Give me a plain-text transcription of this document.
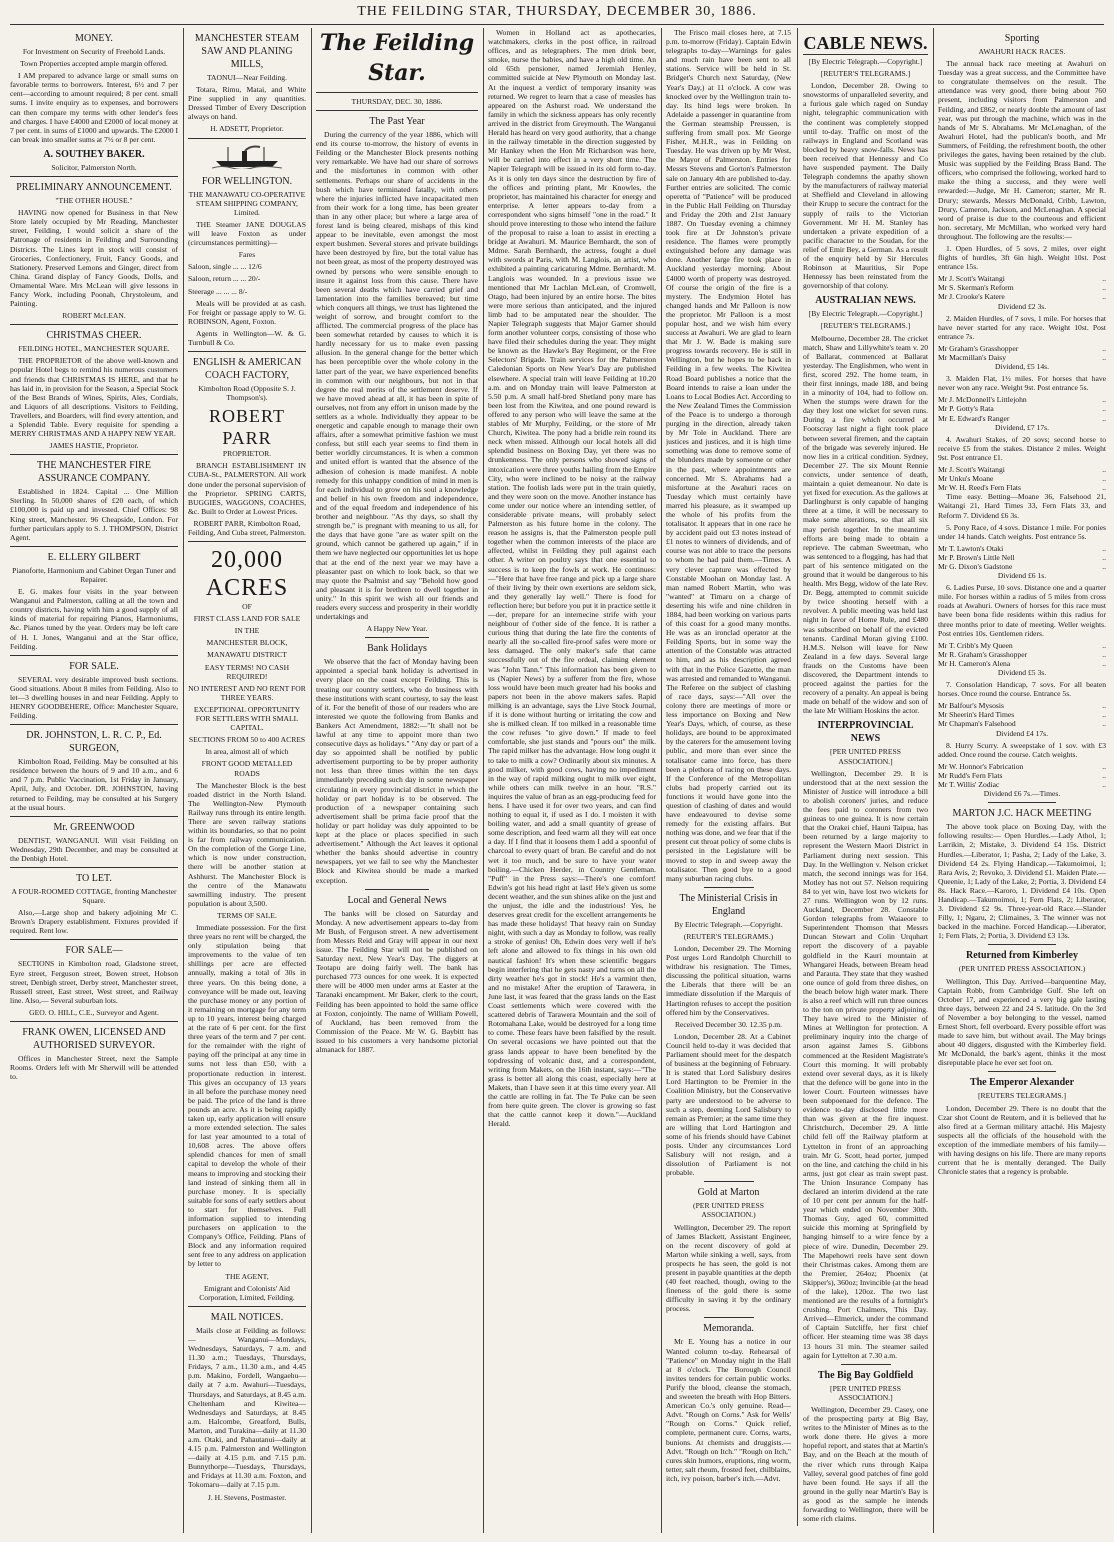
THE FEILDING STAR, THURSDAY, DECEMBER 30, 1886.
MONEY.

For Investment on Security of Freehold Lands.

Town Properties accepted ample margin offered.

I AM prepared to advance large or small sums on favorable terms to borrowers. Interest, 6½ and 7 per cent—according to amount required; 8 per cent. small sums. I invite enquiry as to expenses, and borrowers can then compare my terms with other lender's fees and charges. I have £4000 and £2000 of local money at 7 per cent. in sums of £1000 and upwards. The £2000 I can break into smaller sums at 7½ or 8 per cent.

A. SOUTHEY BAKER.

Solicitor, Palmerston North.

PRELIMINARY ANNOUNCEMENT.

"THE OTHER HOUSE."

HAVING now opened for Business in that New Store lately occupied by Mr Reading, Manchester street, Feilding, I would solicit a share of the Patronage of residents in Feilding and Surrounding Districts. The Lines kept in stock will consist of Groceries, Confectionery, Fruit, Fancy Goods, and Stationery. Preserved Lemons and Ginger, direct from China. Grand display of Fancy Goods, Dolls, and Ornamental Ware. Mrs McLean will give lessons in Fancy Work, including Poonah, Chrystoleum, and Painting.

ROBERT McLEAN.

CHRISTMAS CHEER.

FEILDING HOTEL, MANCHESTER SQUARE.

THE PROPRIETOR of the above well-known and popular Hotel begs to remind his numerous customers and friends that CHRISTMAS IS HERE, and that he has laid in, in provision for the Season, a Special Stock of the Best Brands of Wines, Spirits, Ales, Cordials, and Liquors of all descriptions. Visitors to Feilding, Travellers, and Boarders, will find every attention, and a Splendid Table. Every requisite for spending a MERRY CHRISTMAS AND A HAPPY NEW YEAR.

JAMES HASTIE, Proprietor.

THE MANCHESTER FIRE ASSURANCE COMPANY.

Established in 1824. Capital ... One Million Sterling. In 50,000 shares of £20 each, of which £100,000 is paid up and invested. Chief Offices: 98 King street, Manchester. 96 Cheapside, London. For further particulars apply to S. J. THOMPSON, District Agent.

E. ELLERY GILBERT

Pianoforte, Harmonium and Cabinet Organ Tuner and Repairer.

E. G. makes four visits in the year between Wanganui and Palmerston, calling at all the town and country districts, having with him a good supply of all kinds of material for repairing Pianos, Harmoniums, &c. Pianos tuned by the year. Orders may be left care of H. I. Jones, Wanganui and at the Star office, Feilding.

FOR SALE.

SEVERAL very desirable improved bush sections. Good situations. About 8 miles from Feilding. Also to let—3 dwelling houses in and near Feilding. Apply to HENRY GOODBEHERE, Office: Manchester Square, Feilding.

DR. JOHNSTON, L. R. C. P., Ed. SURGEON,

Kimbolton Road, Feilding. May be consulted at his residence between the hours of 9 and 10 a.m., and 6 and 7 p.m. Public Vaccination, 1st Friday in January, April, July, and October. DR. JOHNSTON, having returned to Feilding, may be consulted at his Surgery at the usual hours.

Mr. GREENWOOD

DENTIST, WANGANUI. Will visit Feilding on Wednesday, 29th December, and may be consulted at the Denbigh Hotel.

TO LET.

A FOUR-ROOMED COTTAGE, fronting Manchester Square.

Also,—Large shop and bakery adjoining Mr C. Brown's Drapery establishment. Fixtures provided if required. Rent low.

FOR SALE—

SECTIONS in Kimbolton road, Gladstone street, Eyre street, Ferguson street, Bowen street, Hobson street, Denbigh street, Derby street, Manchester street, Russell street, East street, West street, and Railway line. Also,— Several suburban lots.

GEO. O. HILL, C.E., Surveyor and Agent.

FRANK OWEN, LICENSED AND AUTHORISED SURVEYOR.

Offices in Manchester Street, next the Sample Rooms. Orders left with Mr Sherwill will be attended to.

MANCHESTER STEAM SAW AND PLANING MILLS,

TAONUI—Near Feilding.

Totara, Rimu, Matai, and White Pine supplied in any quantities. Dressed Timber of Every Description always on hand.

H. ADSETT, Proprietor.

FOR WELLINGTON.

THE MANAWATU CO-OPERATIVE STEAM SHIPPING COMPANY, Limited.

THE Steamer JANE DOUGLAS will leave Foxton as under (circumstances permitting)—

Fares

Saloon, single ... ... 12/6

Saloon, return ... ... 20/-

Steerage ... ... ... 8/-

Meals will be provided at as cash. For freight or passage apply to W. G. ROBINSON, Agent, Foxton.

Agents in Wellington—W. & G. Turnbull & Co.

ENGLISH & AMERICAN COACH FACTORY,

Kimbolton Road (Opposite S. J. Thompson's).

ROBERT PARR

PROPRIETOR.

BRANCH ESTABLISHMENT IN CUBA-St., PALMERSTON. All work done under the personal supervision of the Proprietor. SPRING CARTS, BUGGIES, WAGGONS, COACHES, &c. Built to Order at Lowest Prices.

ROBERT PARR, Kimbolton Road, Feilding, And Cuba street, Palmerston.

20,000 ACRES

OF

FIRST CLASS LAND FOR SALE

IN THE

MANCHESTER BLOCK,

MANAWATU DISTRICT

EASY TERMS! NO CASH REQUIRED!

NO INTEREST AND NO RENT FOR THREE YEARS.

EXCEPTIONAL OPPORTUNITY FOR SETTLERS WITH SMALL CAPITAL.

SECTIONS FROM 50 to 400 ACRES

In area, almost all of which

FRONT GOOD METALLED ROADS

The Manchester Block is the best roaded district in the North Island. The Wellington-New Plymouth Railway runs through its entire length. There are seven railway stations within its boundaries, so that no point is far from railway communication. On the completion of the Gorge Line, which is now under construction, there will be another station at Ashhurst. The Manchester Block is the centre of the Manawatu sawmilling industry. The present population is about 3,500.

TERMS OF SALE.

Immediate possession. For the first three years no rent will be charged, the only stipulation being that improvements to the value of ten shillings per acre are effected annually, making a total of 30s in three years. On this being done, a conveyance will be made out, leaving the purchase money or any portion of it remaining on mortgage for any term up to 10 years, interest being charged at the rate of 6 per cent. for the first three years of the term and 7 per cent. for the remainder with the right of paying off the principal at any time in sums not less than £50, with a proportionate reduction in interest. This gives an occupancy of 13 years in all before the purchase money need be paid. The price of the land is three pounds an acre. As it is being rapidly taken up, early application will ensure a more extended selection. The sales for last year amounted to a total of 10,608 acres. The above offers splendid chances for men of small capital to develop the whole of their means to improving and stocking their land instead of sinking them all in purchase money. It is specially suitable for sons of early settlers about to start for themselves. Full information supplied to intending purchasers on application to the Company's Office, Feilding. Plans of Block and any information required sent free to any address on application by letter to

THE AGENT,

Emigrant and Colonists' Aid Corporation, Limited, Feilding.

MAIL NOTICES.

Mails close at Feilding as follows:— Wanganui—Mondays, Wednesdays, Saturdays, 7 a.m. and 11.30 a.m.; Tuesdays, Thursdays, Fridays, 7 a.m., 11.30 a.m., and 4.45 p.m. Makino, Fordell, Wangaehu—daily at 7 a.m. Awahuri—Tuesdays, Thursdays, and Saturdays, at 8.45 a.m. Cheltenham and Kiwitea—Wednesdays and Saturdays, at 8.45 a.m. Halcombe, Greatford, Bulls, Marton, and Turakina—daily at 11.30 a.m. Otaki, and Pahautanui—daily at 4.15 p.m. Palmerston and Wellington—daily at 4.15 p.m. and 7.15 p.m. Bunnythorpe—Tuesdays, Thursdays, and Fridays at 11.30 a.m. Foxton, and Tokomaru—daily at 7.15 p.m.

J. H. Stevens, Postmaster.

The Feilding Star.

THURSDAY, DEC. 30, 1886.

The Past Year

During the currency of the year 1886, which will end its course to-morrow, the history of events in Feilding or the Manchester Block presents nothing very remarkable. We have had our share of sorrows and the misfortunes in common with other settlements. Perhaps our share of accidents in the bush which have terminated fatally, with others where the injuries inflicted have incapacitated men from their work for a long time, has been greater than in any other place; but where a large area of forest land is being cleared, mishaps of this kind appear to be inevitable, even amongst the most expert bushmen. Several stores and private buildings have been destroyed by fire, but the total value has not been great, as most of the property destroyed was owned by persons who were sensible enough to insure it against loss from this cause. There have been several deaths which have carried grief and lamentation into the families bereaved; but time which conquers all things, we trust has lightened the weight of sorrow, and brought comfort to the afflicted. The commercial progress of the place has been somewhat retarded by causes to which it is hardly necessary for us to make even passing allusion. In the general change for the better which has been perceptible over the whole colony in the latter part of the year, we have experienced benefits in common with our neighbours, but not in that degree the real merits of the settlement deserve. If we have moved ahead at all, it has been in spite of ourselves, not from any effort in unison made by the settlers as a whole. Individually they appear to be energetic and capable enough to manage their own affairs, after a somewhat primitive fashion we must confess, but still each year seems to find them in better worldly circumstances. It is when a common and united effort is wanted that the absence of the adhesion of cohesion is made manifest. A noble remedy for this unhappy condition of mind in men is for each individual to grow on his soul a knowledge and belief in his own freedom and independence, and of the equal freedom and independence of his brother and neighbour. "As thy days, so shall thy strength be," is pregnant with meaning to us all, for the days that have gone "are as water spilt on the ground, which cannot be gathered up again," if in them we have neglected our opportunities let us hope that at the end of the next year we may have a pleasanter past on which to look back, so that we may quote the Psalmist and say "Behold how good and pleasant it is for brethren to dwell together in unity." In this spirit we wish all our friends and readers every success and prosperity in their worldly undertakings and

A Happy New Year.

Bank Holidays

We observe that the fact of Monday having been appointed a special bank holiday is advertised in every place on the coast except Feilding. This is treating our country settlers, who do business with these institutions with scant courtesy, to say the least of it. For the benefit of those of our readers who are interested we quote the following from Banks and Bankers Act Amendment, 1882:—"It shall not be lawful at any time to appoint more than two consecutive days as holidays." "Any day or part of a day so appointed shall be notified by public advertisement purporting to be by proper authority not less than three times within the ten days immediately preceding such day in some newspaper circulating in every provincial district in which the holiday or part holiday is to be observed. The production of a newspaper containing such advertisement shall be prima facie proof that the holiday or part holiday was duly appointed to be kept at the place or places specified in such advertisement." Although the Act leaves it optional whether the banks should advertise in country newspapers, yet we fail to see why the Manchester Block and Kiwitea should be made a marked exception.

Local and General News

The banks will be closed on Saturday and Monday. A new advertisement appears to-day from Mr Bush, of Ferguson street. A new advertisement from Messrs Reid and Gray will appear in our next issue. The Feilding Star will not be published on Saturday next, New Year's Day. The diggers at Teotapu are doing fairly well. The bank has purchased 773 ounces for one week. It is expected there will be 4000 men under arms at Easter at the Taranaki encampment. Mr Baker, clerk to the court, Feilding has been appointed to hold the same office at Foxton, conjointly. The name of William Powell, of Auckland, has been removed from the Commission of the Peace. Mr W. G. Baybitt has issued to his customers a very handsome pictorial almanack for 1887.

Women in Holland act as apothecaries, watchmakers, clerks in the post office, in railroad offices, and as telegraphers. The men drink beer, smoke, nurse the babies, and have a high old time. An old 65th pensioner, named Jeremiah Henley, committed suicide at New Plymouth on Monday last. At the inquest a verdict of temporary insanity was returned. We regret to learn that a case of measles has appeared on the Ashurst road. We understand the family in which the sickness appears has only recently arrived in the district from Greymouth. The Wanganui Herald has heard on very good authority, that a change in the railway timetable in the direction suggested by Mr Hankey when the Hon Mr Richardson was here, will be carried into effect in a very short time. The Napier Telegraph will be issued in its old form to-day. As it is only ten days since the destruction by fire of the offices and printing plant, Mr Knowles, the proprietor, has maintained his character for energy and enterprise. A letter appears to-day from a correspondent who signs himself "one in the road." It should prove interesting to those who intend the failure of the proposal to raise a loan to assist in erecting a bridge at Awahuri. M. Maurice Bernhardt, the son of Mdme. Sarah Bernhardt, the actress, fought a duel with swords at Paris, with M. Langlois, an artist, who exhibited a painting caricaturing Mdme. Bernhardt. M. Langlois was wounded. In a previous issue we mentioned that Mr Lachlan McLean, of Cromwell, Otago, had been injured by an entire horse. The bites were more serious than anticipated, and the injured limb had to be amputated near the shoulder. The Napier Telegraph suggests that Major Garner should form another volunteer corps, consisting of those who have filed their schedules during the year. They might be known as the Hawke's Bay Regiment, or the Free Selectors' Brigade. Train services for the Palmerston Caledonian Sports on New Year's Day are published elsewhere. A special train will leave Feilding at 10.20 a.m. and on Monday train will leave Palmerston at 5.50 p.m. A small half-bred Shetland pony mare has been lost from the Kiwitea, and one pound reward is offered to any person who will leave the same at the stables of Mr Murphy, Feilding, or the store of Mr Church, Kiwitea. The pony had a bridle rein round its neck when missed. Although our local hotels all did splendid business on Boxing Day, yet there was no drunkenness. The only persons who showed signs of intoxication were three youths hailing from the Empire City, who were inclined to be noisy at the railway station. The foolish lads were put in the train quietly, and they were soon on the move. Another instance has come under our notice where an intending settler, of considerable private means, will probably select Palmerston as his future home in the colony. The reason he assigns is, that the Palmerston people pull together when the common interests of the place are affected, whilst in Feilding they pull against each other. A writer on poultry says that one essential to success is to keep the fowls at work. He continues:—"Here that have free range and pick up a large share of their living by their own exertions are seldom sick, and they generally lay well." There is food for reflection here; but before you put it in practice settle it—der, prepare for an internecine strife with your neighbour of t'other side of the fence. It is rather a curious thing that during the late fire the contents of nearly all the so-called fire-proof safes were more or less damaged. The only maker's safe that came successfully out of the fire ordeal, claiming element was "John Tann." This information has been given to us (Napier News) by a sufferer from the fire, whose loss would have been much greater had his books and papers not been in the above makers safes. Rapid milking is an advantage, says the Live Stock Journal, if it is done without hurting or irritating the cow and she is milked clean. If too milked in a reasonable time the cow refuses "to give down." If made to feel comfortable, she just stands and "pours out" the milk. The rapid milker has the advantage. How long ought it to take to milk a cow? Ordinarily about six minutes. A good milker, with good cows, having no impediment in the way of rapid milking ought to milk over eight, while others can milk twelve in an hour. "R.S." inquires the value of bran as an egg-producing feed for hens. I have used it for over two years, and can find nothing to equal it, if used as I do. I moisten it with boiling water, and add a small quantity of grease of some description, and feed warm all they will eat once a day. If I find that it loosens them I add a spoonful of charcoal to every quart of bran. Be careful and do not wet it too much, and be sure to have your water boiling.—Chicken Herder, in Country Gentleman. "Puff" in the Press says:—There's one comfort! Edwin's got his head right at last! He's given us some decent weather, and the sun shines alike on the just and the unjust, the idle and the industrious! Yes, he deserves great credit for the excellent arrangements he has made these holidays! That heavy rain on Sunday night, with such a day as Monday to follow, was really a stroke of genius! Oh, Edwin does very well if he's left alone and allowed to fix things in his own old nautical fashion! It's when these scientific beggars begin interfering that he gets nasty and turns on all the dirty weather he's got in stock! He's a varmint then, and no mistake! After the eruption of Tarawera, in June last, it was feared that the grass lands on the East Coast settlements which were covered with the scattered debris of Tarawera Mountain and the soil of Rotomahana Lake, would be destroyed for a long time to come. These fears have been falsified by the result. On several occasions we have pointed out that the grass lands appear to have been benefited by the topdressing of volcanic dust, and a correspondent, writing from Makets, on the 16th instant, says:—"The grass is better all along this coast, especially here at Makets, than I have seen it at this time every year. All the cattle are rolling in fat. The Te Puke can be seen from here quite green. The clover is growing so fast that the cattle cannot keep it down."—Auckland Herald.

The Frisco mail closes here, at 7.15 p.m. to-morrow (Friday). Captain Edwin telegraphs to-day—Warnings for gales and much rain have been sent to all stations. Service will be held in St. Bridget's Church next Saturday, (New Year's Day,) at 11 o'clock. A cow was knocked over by the Wellington train to-day. Its hind legs were broken. In Adelaide a passenger in quarantine from the German steamship Preussen, is suffering from small pox. Mr George Fisher, M.H.R., was in Feilding on Tuesday. He was driven up by Mr West, the Mayor of Palmerston. Entries for Messrs Stevens and Gorton's Palmerston sale on January 4th are published to-day. Further entries are solicited. The comic operetta of "Patience" will be produced in the Public Hall Feilding on Thursday and Friday the 20th and 21st January 1887. On Tuesday evening a chimney took fire at Dr Johnston's private residence. The flames were promptly extinguished before any damage was done. Another large fire took place in Auckland yesterday morning. About £4000 worth of property was destroyed. Of course the origin of the fire is a mystery. The Endymion Hotel has changed hands and Mr Palloon is now the proprietor. Mr Palloon is a most popular host, and we wish him every success at Awahuri. We are glad to learn that Mr J. W. Bade is making sure progress towards recovery. He is still in Wellington, but he hopes to be back in Feilding in a few weeks. The Kiwitea Road Board publishes a notice that the Board intends to raise a loan under the Loans to Local Bodies Act. According to the New Zealand Times the Commission of the Peace is to undergo a thorough purging in the direction, already taken by Mr Tole in Auckland. There are justices and justices, and it is high time something was done to remove some of the blunders made by someone or other in the past, where appointments are concerned. Mr S. Abrahams had a misfortune at the Awahuri races on Tuesday which must certainly have marred his pleasure, as it swamped up the whole of his profits from the totalisator. It appears that in one race he by accident paid out £3 notes instead of £1 notes to winners of dividends, and of course was not able to trace the persons to whom he had paid them.—Times. A very clever capture was effected by Constable Moohan on Monday last. A man named Robert Martin, who was "wanted" at Timaru on a charge of deserting his wife and nine children in 1884, had been working on various parts of this coast for a good many months. He was as an ironclad operator at the Feilding Sports, but in some way the attention of the Constable was attracted to him, and as his description agreed with that in the Police Gazette, the man was arrested and remanded to Wanganui. The Referee on the subject of clashing of race days, says:—"All over the colony there are meetings of more or less importance on Boxing and New Year's Days, which, of course, as these holidays, are bound to be approximated by the caterers for the amusement loving public, and more than ever since the totalisator came into force, has there been a plethora of racing on these days. If the Conference of the Metropolitan clubs had properly carried out its functions it would have gone into the question of clashing of dates and would have endeavoured to devise some remedy for the existing affairs. But nothing was done, and we fear that if the present cut throat policy of some clubs is persisted in the Legislature will be moved to step in and sweep away the totalisator. Then good bye to a good many suburban racing clubs.

The Ministerial Crisis in England

By Electric Telegraph.—Copyright.

(REUTER'S TELEGRAMS.)

London, December 29. The Morning Post urges Lord Randolph Churchill to withdraw his resignation. The Times, discussing the political situation, warns the Liberals that there will be an immediate dissolution if the Marquis of Hartington refuses to accept the position offered him by the Conservatives.

Received December 30. 12.35 p.m.

London, December 28. At a Cabinet Council held to-day it was decided that Parliament should meet for the despatch of business at the beginning of February. It is stated that Lord Salisbury desires Lord Hartington to be Premier in the Coalition Ministry, but the Conservative party are understood to be adverse to such a step, deeming Lord Salisbury to remain as Premier; at the same time they are willing that Lord Hartington and some of his friends should have Cabinet posts. Under any circumstances Lord Salisbury will not resign, and a dissolution of Parliament is not probable.

Gold at Marton

(PER UNITED PRESS ASSOCIATION.)

Wellington, December 29. The report of James Blackett, Assistant Engineer, on the recent discovery of gold at Marton while sinking a well, says, from prospects he has seen, the gold is not present in payable quantities at the depth (40 feet reached, though, owing to the fineness of the gold there is some difficulty in saving it by the ordinary process.

Memoranda.

Mr E. Young has a notice in our Wanted column to-day. Rehearsal of "Patience" on Monday night in the Hall at 8 o'clock. The Borough Council invites tenders for certain public works. Purify the blood, cleanse the stomach, and sweeten the breath with Hop Bitters. American Co.'s only genuine. Read—Advt. "Rough on Corns." Ask for Wells' "Rough on Corns." Quick relief, complete, permanent cure. Corns, warts, bunions. At chemists and druggists.—Advt. "Rough on Itch." "Rough on Itch," cures skin humors, eruptions, ring worm, tetter, salt rheum, frosted feet, chilblains, itch, ivy poison, barber's itch.—Advt.

CABLE NEWS.

[By Electric Telegraph.—Copyright.]

[REUTER'S TELEGRAMS.]

London, December 28. Owing to snowstorms of unparalleled severity, and a furious gale which raged on Sunday night, telegraphic communication with the continent was completely stopped until to-day. Traffic on most of the railways in England and Scotland was blocked by heavy snow-falls. News has been received that Hennessy and Co have suspended payment. The Daily Telegraph condemns the apathy shown by the manufacturers of railway material at Sheffield and Cleveland in allowing their Krupp to secure the contract for the supply of rails to the Victorian Government. Mr H. M. Stanley has undertaken a private expedition of a pacific character to the Soudan, for the relief of Emir Bey, a German. As a result of the enquiry held by Sir Hercules Robinson at Mauritius, Sir Pope Hennessy has been reinstated from the governorship of that colony.

AUSTRALIAN NEWS.

[By Electric Telegraph.—Copyright.]

[REUTER'S TELEGRAMS.]

Melbourne, December 28. The cricket match, Shaw and Lillywhite's team v. 20 of Ballarat, commenced at Ballarat yesterday. The Englishmen, who went in first, scored 292. The home team, in their first innings, made 188, and being in a minority of 104, had to follow on. When the stumps were drawn for the day they lost one wicket for seven runs. During a fire which occurred at Footscray last night a fight took place between several firemen, and the captain of the brigade was severely injured. He now lies in a critical condition. Sydney, December 27. The six Mount Rennie convicts, under sentence of death, maintain a quiet demeanour. No date is yet fixed for execution. As the gallows at Darlinghurst is only capable of hanging three at a time, it will be necessary to make some alterations, so that all six may perish together. In the meantime efforts are being made to obtain a reprieve. The cabman Sweetman, who was sentenced to a flogging, has had that part of his sentence mitigated on the ground that it would be dangerous to his health. Mrs Begg, widow of the late Rev. Dr. Begg, attempted to commit suicide by twice shooting herself with a revolver. A public meeting was held last night in favor of Home Rule, and £480 was subscribed on behalf of the evicted tenants. Cardinal Moran giving £100. H.M.S. Nelson will leave for New Zealand in a few days. Several large frauds on the Customs have been discovered, the Department intends to proceed against the parties for the recovery of a penalty. An appeal is being made on behalf of the widow and son of the late Mr William Hoskins the actor.

INTERPROVINCIAL NEWS

[PER UNITED PRESS ASSOCIATION.]

Wellington, December 29. It is understood that at the next session the Minister of Justice will introduce a bill to abolish coroners' juries, and reduce the fees paid to coroners from two guineas to one guinea. It is now certain that the Orakei chief, Hauni Taipua, has been returned by a large majority to represent the Western Maori District in Parliament during next session. This Day. In the Wellington v. Nelson cricket match, the second innings was for 164. Motley has not out 57. Nelson requiring 84 to yet win, have lost two wickets for 27 runs. Wellington won by 12 runs. Auckland, December 28. Constable Gordon telegraphs from Waiaeore to Superintendent Thomson that Messrs Duncan Stewart and Colin Urquhart report the discovery of a payable goldfield in the Kauri mountain at Whangarei Heads, between Bream head and Parauta. They state that they washed one ounce of gold from three dishes, on the beach below high water mark. There is also a reef which will run three ounces to the ton on private property adjoining. They have wired to the Minister of Mines at Wellington for protection. A preliminary inquiry into the charge of arson against James S. Gibbons commenced at the Resident Magistrate's Court this morning. It will probably extend over several days, as it is likely that the defence will be gone into in the lower Court. Fourteen witnesses have been subpoenaed for the defence. The evidence to-day disclosed little more than was given at the fire inquest. Christchurch, December 29. A little child fell off the Railway platform at Lyttelton in front of an approaching train. Mr G. Scott, head porter, jumped on the line, and catching the child in his arms, just got clear as train swept past. The Union Insurance Company has declared an interim dividend at the rate of 10 per cent per annum for the half-year which ended on November 30th. Thomas Guy, aged 60, committed suicide this morning at Springfield by hanging himself to a wire fence by a piece of wire. Dunedin, December 29. The Mapehowri reels have sent down their Christmas cakes. Among them are the Premier, 264oz; Phoenix (at Skipper's), 360oz; Invincible (at the head of the lake), 120oz. The two last mentioned are the results of a fortnight's crushing. Port Chalmers, This Day. Arrived—Elmerick, under the command of Captain Sutcliffe, her first chief officer. Her steaming time was 38 days 13 hours 31 min. The steamer sailed again for Lyttelton at 7.30 a.m.

The Big Bay Goldfield

[PER UNITED PRESS ASSOCIATION.]

Wellington, December 29. Casey, one of the prospecting party at Big Bay, writes to the Minister of Mines as to the work done there. He gives a more hopeful report, and states that at Martin's Bay, and on the Beach at the mouth of the river which runs through Kaipa Valley, several good patches of fine gold have been found. He says if all the ground in the gully near Martin's Bay is as good as the sample he intends forwarding to Wellington, there will be some rich claims.

Sporting

AWAHURI HACK RACES.

The annual hack race meeting at Awahuri on Tuesday was a great success, and the Committee have to congratulate themselves on the result. The attendance was very good, there being about 760 present, including visitors from Palmerston and Feilding, and £862, or nearly double the amount of last year, was put through the machine, which was in the hands of Mr S. Abrahams. Mr McLenaghan, of the Awahuri Hotel, had the publican's booth, and Mr Summers, of Feilding, the refreshment booth, the other privileges the gates, having been retained by the club. Music was supplied by the Feilding Brass Band. The officers, who comprised the following, worked hard to make the thing a success, and they were well rewarded:—Judge, Mr H. Cameron; starter, Mr R. Drury; stewards, Messrs McDonald, Cribb, Lawton, Drury, Cameron, Jackson, and McLenaghan. A special word of praise is due to the courteous and efficient hon. secretary, Mr McMillan, who worked very hard throughout. The following are the results:—

1. Open Hurdles, of 5 sovs, 2 miles, over eight flights of hurdles, 3ft 6in high. Weight 10st. Post entrance 15s.

Mr J. Scott's Waitangi	..
Mr S. Skerman's Reform	..
Mr J. Crooke's Katere	..

Dividend £2 3s.

2. Maiden Hurdles, of 7 sovs, 1 mile. For horses that have never started for any race. Weight 10st. Post entrance 7s.

Mr Graham's Grasshopper	..
Mr Macmillan's Daisy	..

Dividend, £5 14s.

3. Maiden Flat, 1½ miles. For horses that have never won any race. Weight 9st. Post entrance 5s.

Mr J. McDonnell's Littlejohn	..
Mr P. Gotty's Rata	..
Mr E. Edward's Ranger	..

Dividend, £7 17s.

4. Awahuri Stakes, of 20 sovs; second horse to receive £5 from the stakes. Distance 2 miles. Weight 9st. Post entrance £1.

Mr J. Scott's Waitangi	..
Mr Unku's Moane	..
Mr W. H. Reed's Fern Flats	..

Time easy. Betting—Moane 36, Falsehood 21, Waitangi 21, Hard Times 33, Fern Flats 33, and Reform 7. Dividend £6 3s.

5. Pony Race, of 4 sovs. Distance 1 mile. For ponies under 14 hands. Catch weights. Post entrance 5s.

Mr T. Lawton's Otaki	..
Mr P. Brown's Little Nell	..
Mr G. Dixon's Gadstone	..

Dividend £6 1s.

6. Ladies Purse, 10 sovs. Distance one and a quarter mile. For horses within a radius of 5 miles from cross roads at Awahuri. Owners of horses for this race must have been bona fide residents within this radius for three months prior to date of meeting. Weller weights. Post entries 10s. Gentlemen riders.

Mr T. Cribb's My Queen	..
Mr R. Graham's Grasshopper	..
Mr H. Cameron's Alena	..

Dividend £5 3s.

7. Consolation Handicap, 7 sovs. For all beaten horses. Once round the course. Entrance 5s.

Mr Balfour's Mysosis	..
Mr Sheerin's Hard Times	..
Mr Chapman's Falsehood	..

Dividend £4 17s.

8. Hurry Scurry. A sweepstake of 1 sov. with £3 added. Once round the course. Catch weights.

Mr W. Honnor's Fabrication	..
Mr Rudd's Fern Flats	..
Mr T. Willis' Zodiac	..

Dividend £6 7s.—Times.

MARTON J.C. HACK MEETING

The above took place on Boxing Day, with the following results:— Open Hurdles.—Lady Athol, 1; Larrikin, 2; Mistake, 3. Dividend £4 15s. District Hurdles.—Liberator, 1; Pasha, 2; Lady of the Lake, 3. Dividend £4 2s. Flying Handicap.—Takumoimoi, 1; Rara Avis, 2; Revoko, 3. Dividend £1. Maiden Plate.—Queenie, 1; Lady of the Lake, 2; Portia, 3. Dividend £4 8s. Hack Race.—Karoro, 1. Dividend £4 10s. Open Handicap.—Takumoimoi, 1; Fern Flats, 2; Liberator, 3. Dividend £2 9s. Three-year-old Race.—Slander Filly, 1; Ngaru, 2; Climaines, 3. The winner was not backed in the machine. Forced Handicap.—Liberator, 1; Fern Flats, 2; Portia, 3. Dividend £3 13s.

Returned from Kimberley

(PER UNITED PRESS ASSOCIATION.)

Wellington, This Day. Arrived—barquentine May, Captain Robb, from Cambridge Gulf. She left on October 17, and experienced a very big gale lasting three days, between 22 and 24 S. latitude. On the 3rd of November a boy belonging to the vessel, named Ernest Short, fell overboard. Every possible effort was made to save him, but without avail. The May brings about 40 diggers, disgusted with the Kimberley field. Mr McDonald, the bark's agent, thinks it the most disreputable place he ever set foot on.

The Emperor Alexander

[REUTERS TELEGRAMS.]

London, December 29. There is no doubt that the Czar shot Count de Reutern, and it is believed that he also fired at a German military attaché. His Majesty suspects all the officials of the household with the exception of the immediate members of his family—with having designs on his life. There are many reports current that he is mentally deranged. The Daily Chronicle states that a regency is probable.
